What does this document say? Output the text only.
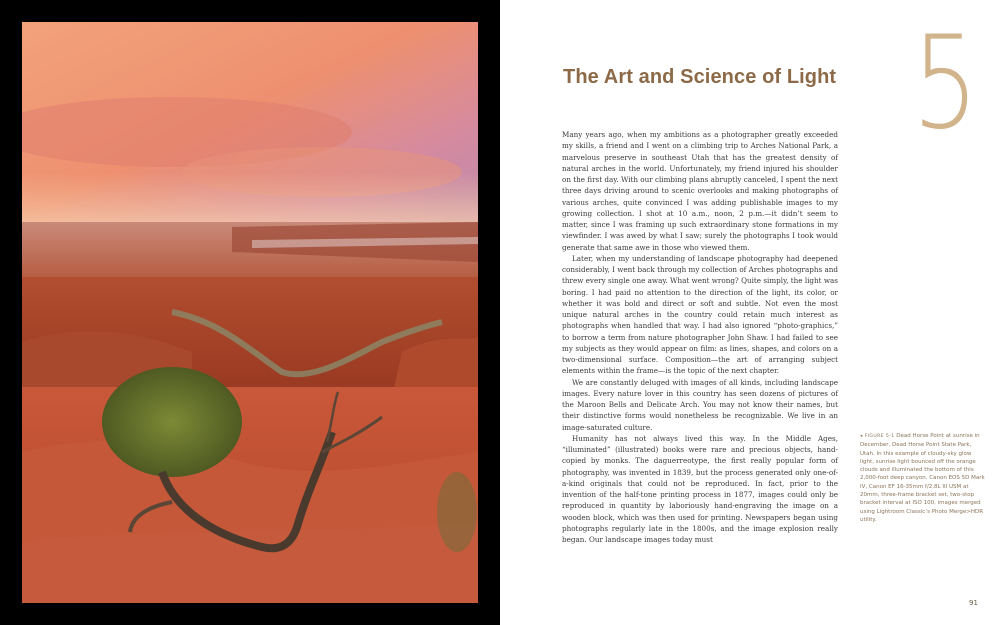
5
The Art and Science of Light

Many years ago, when my ambitions as a photographer greatly exceeded my skills, a friend and I went on a climbing trip to Arches National Park, a marvelous preserve in southeast Utah that has the greatest density of natural arches in the world. Unfortunately, my friend injured his shoulder on the first day. With our climbing plans abruptly canceled, I spent the next three days driving around to scenic overlooks and making photographs of various arches, quite convinced I was adding publishable images to my growing collection. I shot at 10 a.m., noon, 2 p.m.—it didn’t seem to matter, since I was framing up such extraordinary stone formations in my viewfinder. I was awed by what I saw; surely the photographs I took would generate that same awe in those who viewed them.

Later, when my understanding of landscape photography had deepened considerably, I went back through my collection of Arches photographs and threw every single one away. What went wrong? Quite simply, the light was boring. I had paid no attention to the direction of the light, its color, or whether it was bold and direct or soft and subtle. Not even the most unique natural arches in the country could retain much interest as photographs when handled that way. I had also ignored “photo-graphics,” to borrow a term from nature photographer John Shaw. I had failed to see my subjects as they would appear on film: as lines, shapes, and colors on a two-dimensional surface. Composition—the art of arranging subject elements within the frame—is the topic of the next chapter.

We are constantly deluged with images of all kinds, including landscape images. Every nature lover in this country has seen dozens of pictures of the Maroon Bells and Delicate Arch. You may not know their names, but their distinctive forms would nonetheless be recognizable. We live in an image-saturated culture.

Humanity has not always lived this way. In the Middle Ages, “illuminated” (illustrated) books were rare and precious objects, hand-copied by monks. The daguerreotype, the first really popular form of photography, was invented in 1839, but the process generated only one-of-a-kind originals that could not be reproduced. In fact, prior to the invention of the half-tone printing process in 1877, images could only be reproduced in quantity by laboriously hand-engraving the image on a wooden block, which was then used for printing. Newspapers began using photographs regularly late in the 1800s, and the image explosion really began. Our landscape images today must

◂ FIGURE 5-1 Dead Horse Point at sunrise in December, Dead Horse Point State Park, Utah. In this example of cloudy-sky glow light, sunrise light bounced off the orange clouds and illuminated the bottom of this 2,000-foot deep canyon. Canon EOS 5D Mark IV, Canon EF 16-35mm f/2.8L III USM at 20mm, three-frame bracket set, two-stop bracket interval at ISO 100, images merged using Lightroom Classic’s Photo Merge>HDR utility.
91
